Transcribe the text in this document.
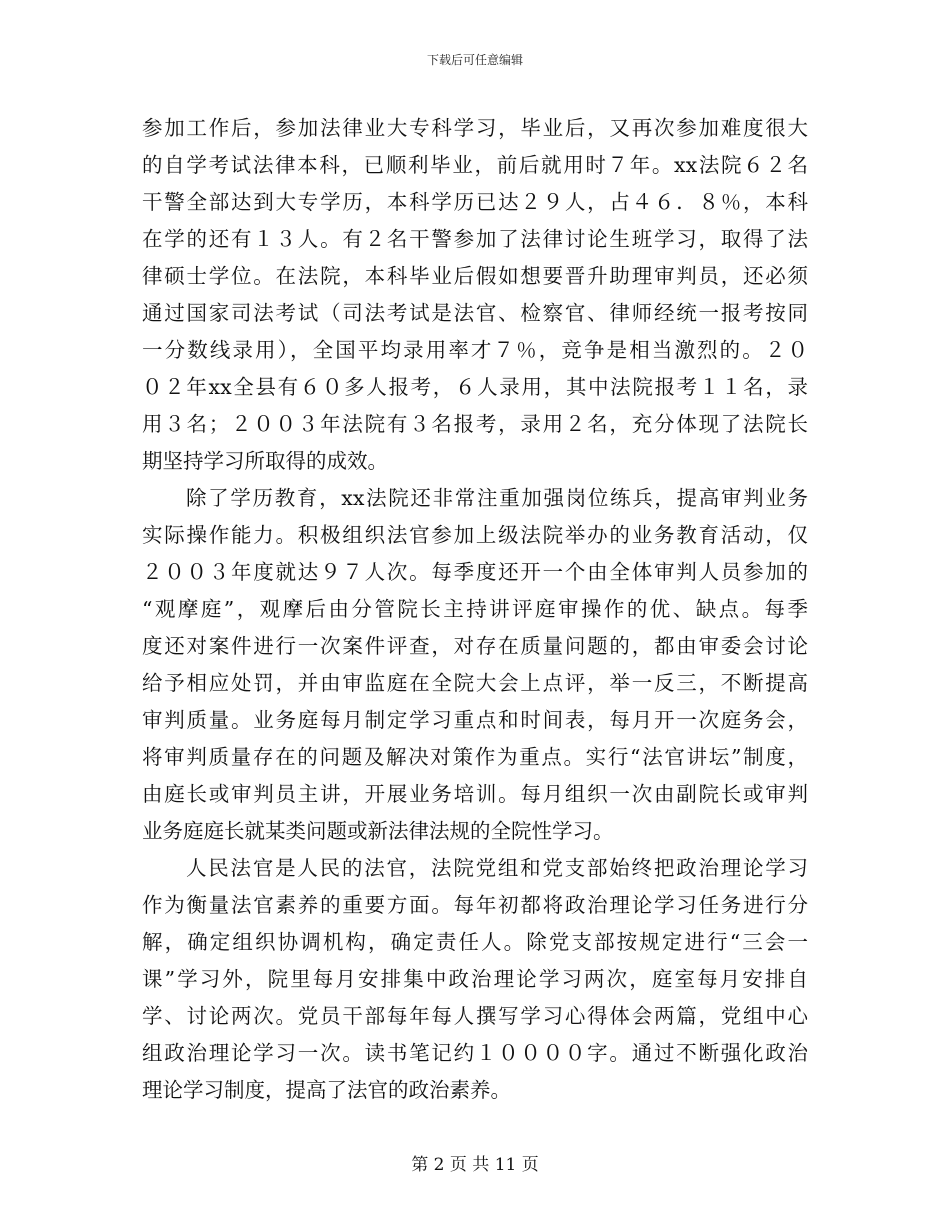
下载后可任意编辑
参加工作后，参加法律业大专科学习，毕业后，又再次参加难度很大
的自学考试法律本科，已顺利毕业，前后就用时７年。xx法院６２名
干警全部达到大专学历，本科学历已达２９人，占４６．８％，本科
在学的还有１３人。有２名干警参加了法律讨论生班学习，取得了法
律硕士学位。在法院，本科毕业后假如想要晋升助理审判员，还必须
通过国家司法考试（司法考试是法官、检察官、律师经统一报考按同
一分数线录用），全国平均录用率才７％，竞争是相当激烈的。２０
０２年xx全县有６０多人报考，６人录用，其中法院报考１１名，录
用３名；２００３年法院有３名报考，录用２名，充分体现了法院长
期坚持学习所取得的成效。
除了学历教育，xx法院还非常注重加强岗位练兵，提高审判业务
实际操作能力。积极组织法官参加上级法院举办的业务教育活动，仅
２００３年度就达９７人次。每季度还开一个由全体审判人员参加的
“观摩庭”，观摩后由分管院长主持讲评庭审操作的优、缺点。每季
度还对案件进行一次案件评查，对存在质量问题的，都由审委会讨论
给予相应处罚，并由审监庭在全院大会上点评，举一反三，不断提高
审判质量。业务庭每月制定学习重点和时间表，每月开一次庭务会，
将审判质量存在的问题及解决对策作为重点。实行“法官讲坛”制度，
由庭长或审判员主讲，开展业务培训。每月组织一次由副院长或审判
业务庭庭长就某类问题或新法律法规的全院性学习。
人民法官是人民的法官，法院党组和党支部始终把政治理论学习
作为衡量法官素养的重要方面。每年初都将政治理论学习任务进行分
解，确定组织协调机构，确定责任人。除党支部按规定进行“三会一
课”学习外，院里每月安排集中政治理论学习两次，庭室每月安排自
学、讨论两次。党员干部每年每人撰写学习心得体会两篇，党组中心
组政治理论学习一次。读书笔记约１００００字。通过不断强化政治
理论学习制度，提高了法官的政治素养。
第 2 页 共 11 页
